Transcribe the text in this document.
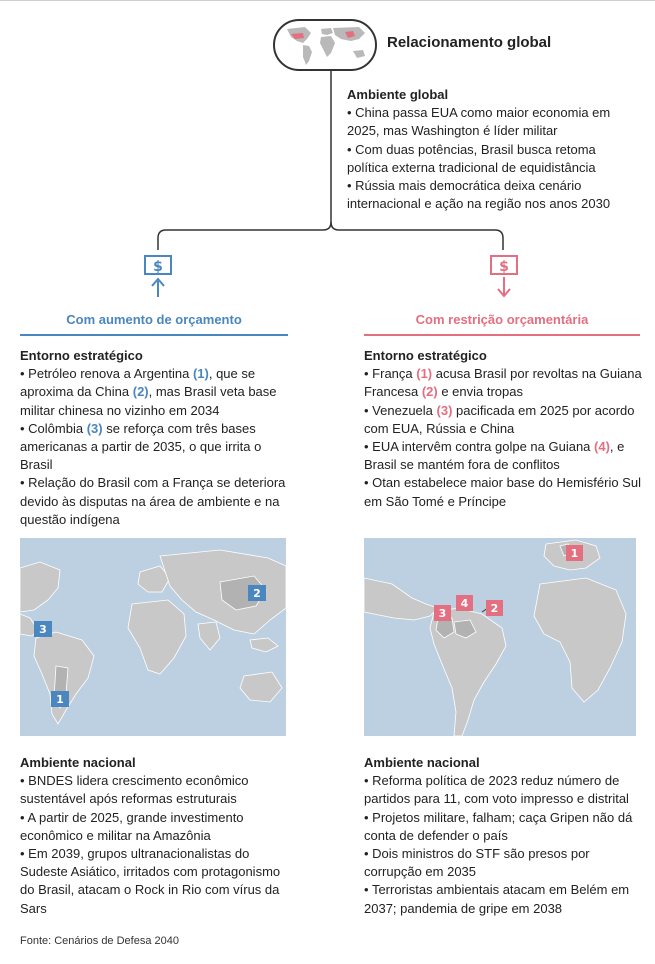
Relacionamento global
Ambiente global
• China passa EUA como maior economia em 2025, mas Washington é líder militar
• Com duas potências, Brasil busca retoma política externa tradicional de equidistância
• Rússia mais democrática deixa cenário internacional e ação na região nos anos 2030
$	$
Com aumento de orçamento	Com restrição orçamentária
Entorno estratégico
• Petróleo renova a Argentina (1), que se aproxima da China (2), mas Brasil veta base militar chinesa no vizinho em 2034
• Colômbia (3) se reforça com três bases americanas a partir de 2035, o que irrita o Brasil
• Relação do Brasil com a França se deteriora devido às disputas na área de ambiente e na questão indígena
Entorno estratégico
• França (1) acusa Brasil por revoltas na Guiana Francesa (2) e envia tropas
• Venezuela (3) pacificada em 2025 por acordo com EUA, Rússia e China
• EUA intervêm contra golpe na Guiana (4), e Brasil se mantém fora de conflitos
• Otan estabelece maior base do Hemisfério Sul em São Tomé e Príncipe
1
2
3
1
2
3
4
Ambiente nacional
• BNDES lidera crescimento econômico sustentável após reformas estruturais
• A partir de 2025, grande investimento econômico e militar na Amazônia
• Em 2039, grupos ultranacionalistas do Sudeste Asiático, irritados com protagonismo do Brasil, atacam o Rock in Rio com vírus da Sars
Ambiente nacional
• Reforma política de 2023 reduz número de partidos para 11, com voto impresso e distrital
• Projetos militare, falham; caça Gripen não dá conta de defender o país
• Dois ministros do STF são presos por corrupção em 2035
• Terroristas ambientais atacam em Belém em 2037; pandemia de gripe em 2038
Fonte: Cenários de Defesa 2040
